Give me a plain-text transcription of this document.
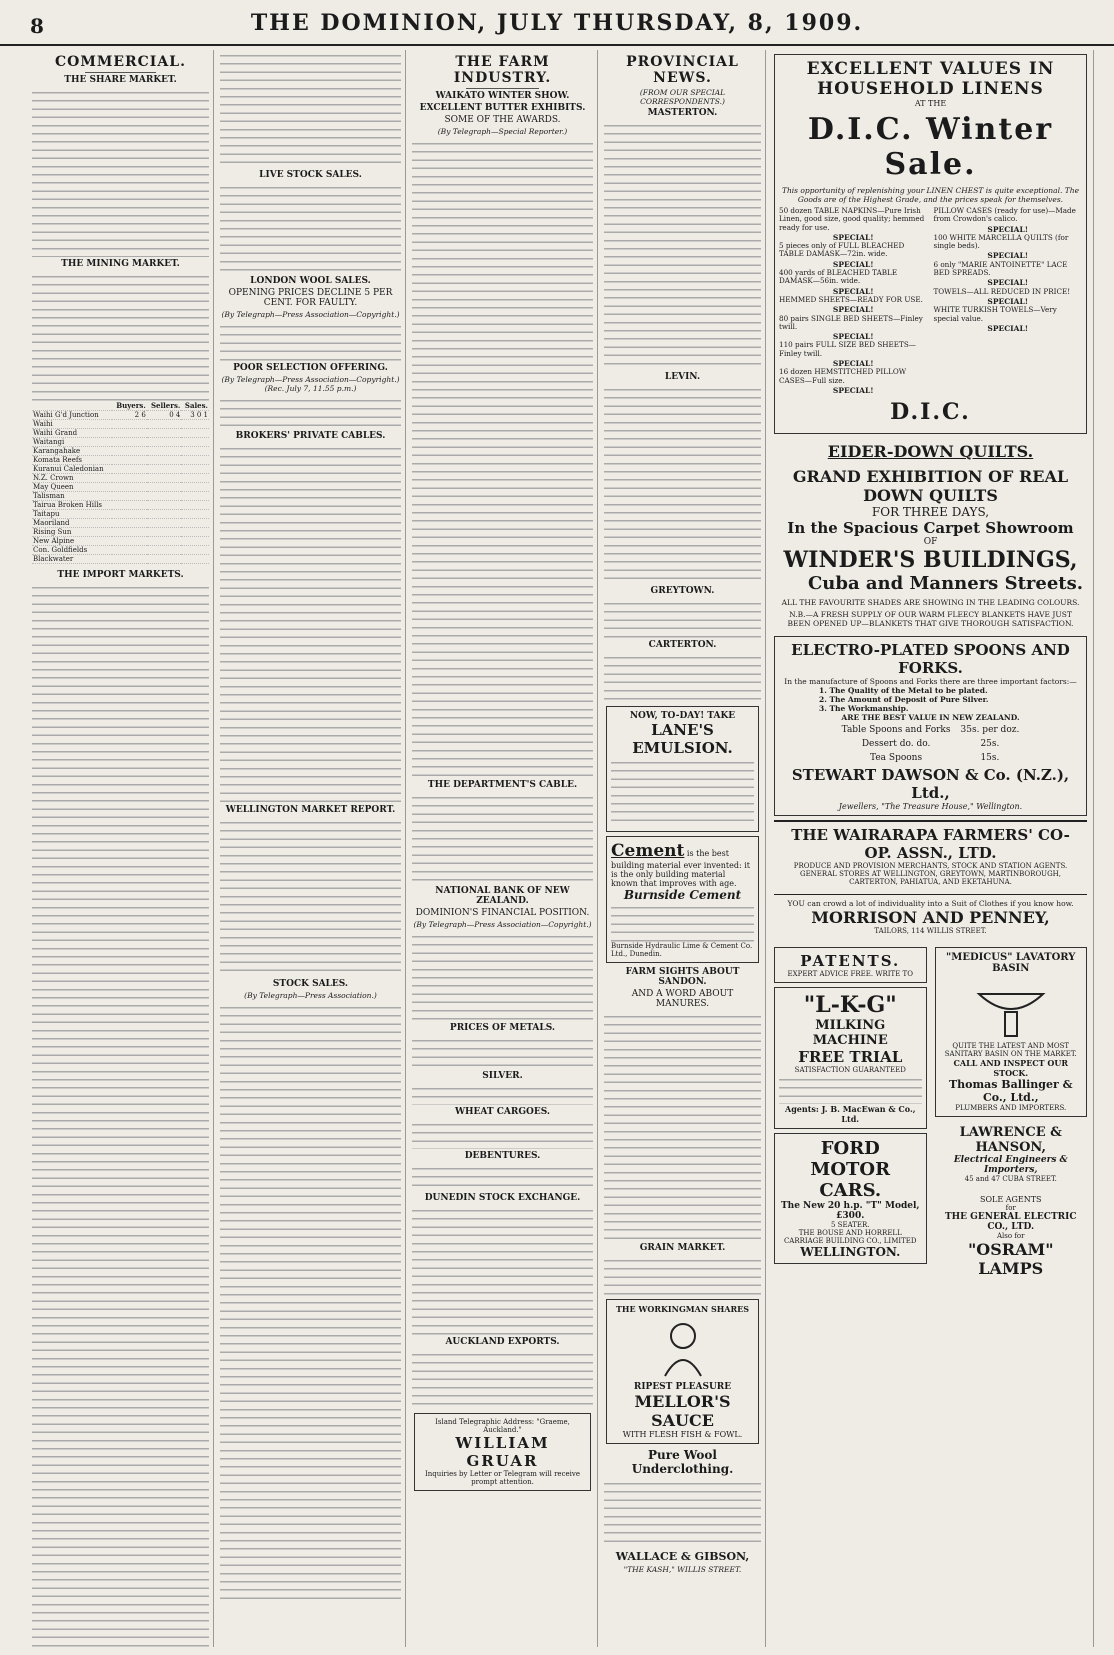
8	THE DOMINION, JULY THURSDAY, 8, 1909.
COMMERCIAL.
THE SHARE MARKET.
THE MINING MARKET.
	Buyers.	Sellers.	Sales.
Waihi G'd Junction	2 6	0 4	3 0 1
Waihi			
Waihi Grand			
Waitangi			
Karangahake			
Komata Reefs			
Kuranui Caledonian			
N.Z. Crown			
May Queen			
Talisman			
Tairua Broken Hills			
Taitapu			
Maoriland			
Rising Sun			
New Alpine			
Con. Goldfields			
Blackwater			
THE IMPORT MARKETS.
LIVE STOCK SALES.
LONDON WOOL SALES.
OPENING PRICES DECLINE 5 PER CENT. FOR FAULTY.
(By Telegraph—Press Association—Copyright.)
POOR SELECTION OFFERING.
(By Telegraph—Press Association—Copyright.) (Rec. July 7, 11.55 p.m.)
BROKERS' PRIVATE CABLES.
WELLINGTON MARKET REPORT.
STOCK SALES.
(By Telegraph—Press Association.)
THE FARM INDUSTRY.
WAIKATO WINTER SHOW.
EXCELLENT BUTTER EXHIBITS.
SOME OF THE AWARDS.
(By Telegraph—Special Reporter.)
THE DEPARTMENT'S CABLE.
NATIONAL BANK OF NEW ZEALAND.
DOMINION'S FINANCIAL POSITION.
(By Telegraph—Press Association—Copyright.)
PRICES OF METALS.
SILVER.
WHEAT CARGOES.
DEBENTURES.
DUNEDIN STOCK EXCHANGE.
AUCKLAND EXPORTS.
Island Telegraphic Address: "Graeme, Auckland."
WILLIAM GRUAR
Inquiries by Letter or Telegram will receive prompt attention.
PROVINCIAL NEWS.
(FROM OUR SPECIAL CORRESPONDENTS.)
MASTERTON.
LEVIN.
GREYTOWN.
CARTERTON.
NOW, TO-DAY! TAKE
LANE'S EMULSION.
Cement is the best building material ever invented: it is the only building material known that improves with age.
Burnside Cement
Burnside Hydraulic Lime & Cement Co. Ltd., Dunedin.
FARM SIGHTS ABOUT SANDON.
AND A WORD ABOUT MANURES.
GRAIN MARKET.
THE WORKINGMAN SHARES
RIPEST PLEASURE
MELLOR'S SAUCE
WITH FLESH FISH & FOWL.
Pure Wool Underclothing.
WALLACE & GIBSON,
"THE KASH," WILLIS STREET.
EXCELLENT VALUES IN HOUSEHOLD LINENS
AT THE
D.I.C. Winter Sale.
This opportunity of replenishing your LINEN CHEST is quite exceptional. The Goods are of the Highest Grade, and the prices speak for themselves.
50 dozen TABLE NAPKINS—Pure Irish Linen, good size, good quality; hemmed ready for use.
SPECIAL!
5 pieces only of FULL BLEACHED TABLE DAMASK—72in. wide.
SPECIAL!
400 yards of BLEACHED TABLE DAMASK—56in. wide.
SPECIAL!
HEMMED SHEETS—READY FOR USE.
SPECIAL!
80 pairs SINGLE BED SHEETS—Finley twill.
SPECIAL!
110 pairs FULL SIZE BED SHEETS—Finley twill.
SPECIAL!
16 dozen HEMSTITCHED PILLOW CASES—Full size.
SPECIAL!
PILLOW CASES (ready for use)—Made from Crowdon's calico.
SPECIAL!
100 WHITE MARCELLA QUILTS (for single beds).
SPECIAL!
6 only "MARIE ANTOINETTE" LACE BED SPREADS.
SPECIAL!
TOWELS—ALL REDUCED IN PRICE!
SPECIAL!
WHITE TURKISH TOWELS—Very special value.
SPECIAL!
D.I.C.
EIDER-DOWN QUILTS.
GRAND EXHIBITION OF REAL DOWN QUILTS
FOR THREE DAYS,
In the Spacious Carpet Showroom
OF
WINDER'S BUILDINGS,
Cuba and Manners Streets.
ALL THE FAVOURITE SHADES ARE SHOWING IN THE LEADING COLOURS.
N.B.—A FRESH SUPPLY OF OUR WARM FLEECY BLANKETS HAVE JUST BEEN OPENED UP—BLANKETS THAT GIVE THOROUGH SATISFACTION.
ELECTRO-PLATED SPOONS AND FORKS.
In the manufacture of Spoons and Forks there are three important factors:—
1. The Quality of the Metal to be plated.
2. The Amount of Deposit of Pure Silver.
3. The Workmanship.
ARE THE BEST VALUE IN NEW ZEALAND.
Table Spoons and Forks	35s. per doz.
Dessert do. do.	25s.
Tea Spoons	15s.
STEWART DAWSON & Co. (N.Z.), Ltd.,
Jewellers, "The Treasure House," Wellington.
THE WAIRARAPA FARMERS' CO-OP. ASSN., LTD.
PRODUCE AND PROVISION MERCHANTS, STOCK AND STATION AGENTS.
GENERAL STORES AT WELLINGTON, GREYTOWN, MARTINBOROUGH, CARTERTON, PAHIATUA, AND EKETAHUNA.
YOU can crowd a lot of individuality into a Suit of Clothes if you know how.
MORRISON AND PENNEY,
TAILORS, 114 WILLIS STREET.
PATENTS.
EXPERT ADVICE FREE. WRITE TO
"L-K-G"
MILKING MACHINE
FREE TRIAL
SATISFACTION GUARANTEED
Agents: J. B. MacEwan & Co., Ltd.
FORD MOTOR CARS.
The New 20 h.p. "T" Model, £300.
5 SEATER.
THE BOUSE AND HORRELL CARRIAGE BUILDING CO., LIMITED
WELLINGTON.
"MEDICUS" LAVATORY BASIN
QUITE THE LATEST AND MOST SANITARY BASIN ON THE MARKET.
CALL AND INSPECT OUR STOCK.
Thomas Ballinger & Co., Ltd.,
PLUMBERS AND IMPORTERS.
LAWRENCE & HANSON,
Electrical Engineers & Importers,
45 and 47 CUBA STREET.
SOLE AGENTS
for
THE GENERAL ELECTRIC CO., LTD.
Also for
"OSRAM" LAMPS
